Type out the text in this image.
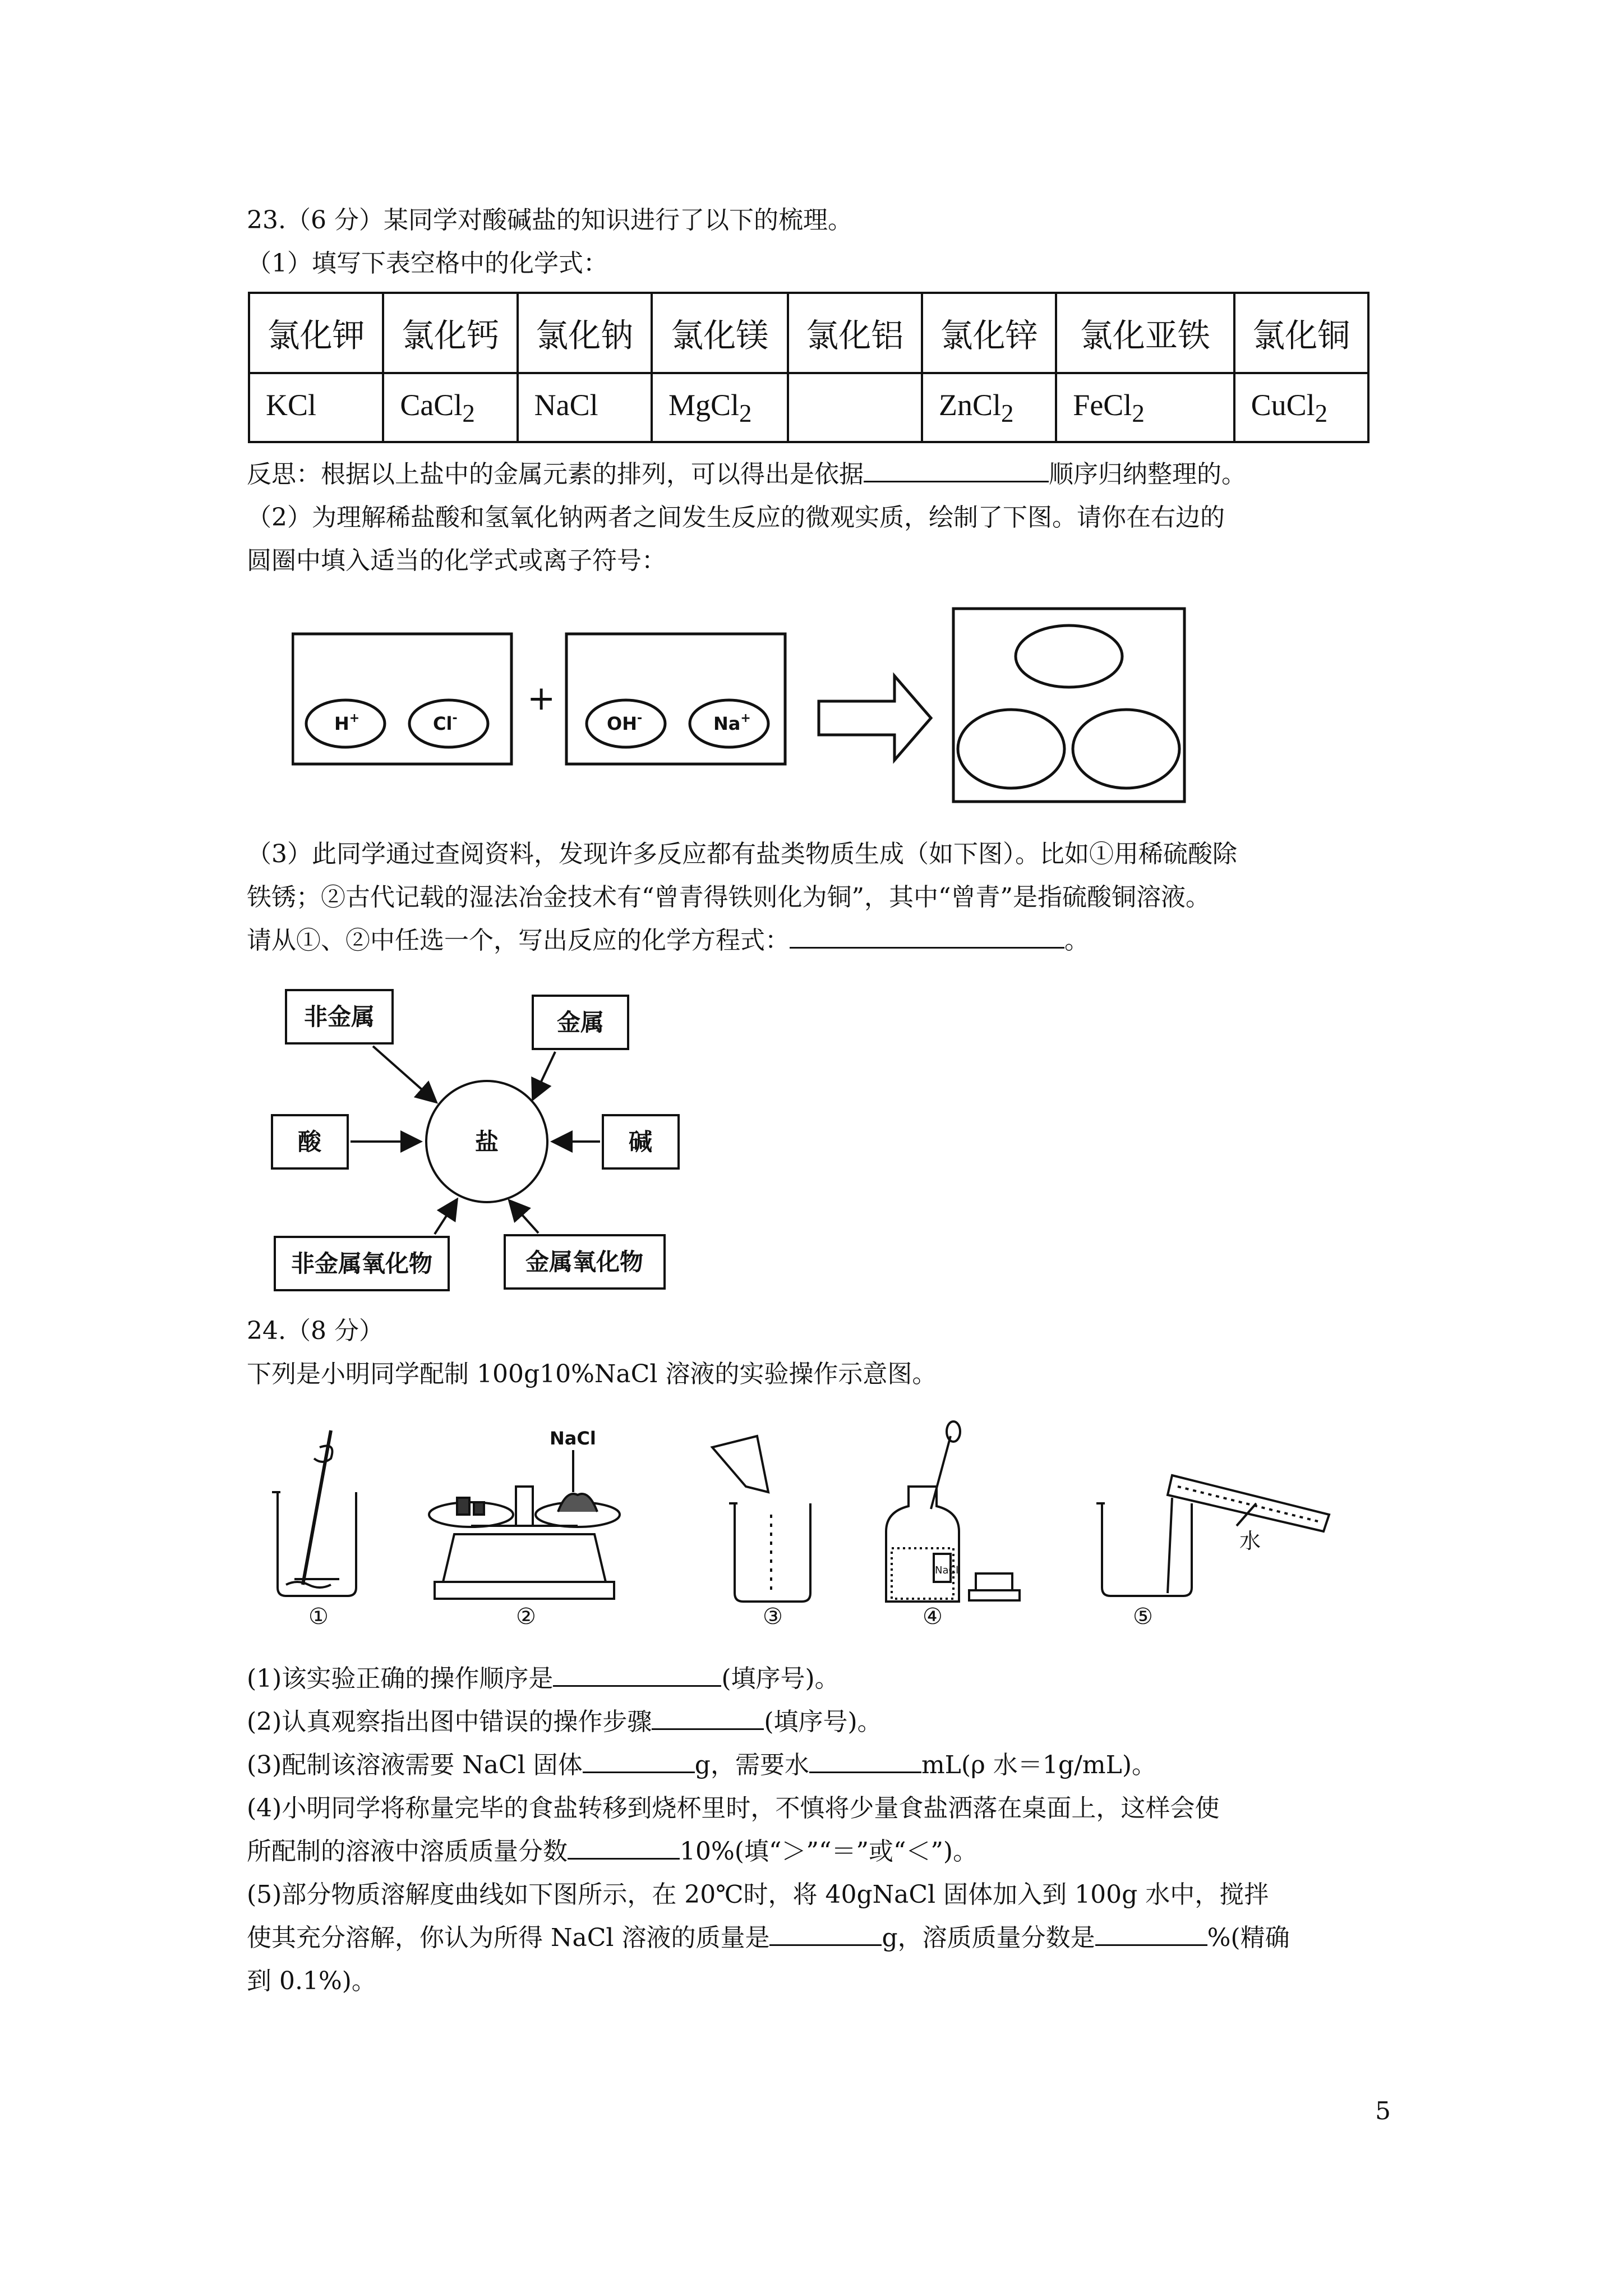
23.（6 分）某同学对酸碱盐的知识进行了以下的梳理。
（1）填写下表空格中的化学式：
氯化钾	氯化钙	氯化钠	氯化镁	氯化铝	氯化锌	氯化亚铁	氯化铜
KCl	CaCl$_2$	NaCl	MgCl$_2$		ZnCl$_2$	FeCl$_2$	CuCl$_2$
反思：根据以上盐中的金属元素的排列，可以得出是依据	顺序归纳整理的。
（2）为理解稀盐酸和氢氧化钠两者之间发生反应的微观实质，绘制了下图。请你在右边的
圆圈中填入适当的化学式或离子符号：
H+	Cl-	OH-	Na+
+
（3）此同学通过查阅资料，发现许多反应都有盐类物质生成（如下图）。比如①用稀硫酸除
铁锈；②古代记载的湿法冶金技术有“曾青得铁则化为铜”，其中“曾青”是指硫酸铜溶液。
请从①、②中任选一个，写出反应的化学方程式：	。
盐
非金属	金属
酸	碱
非金属氧化物	金属氧化物
24.（8 分）
下列是小明同学配制 100g10%NaCl 溶液的实验操作示意图。
①
NaCl
②	③
NaCl
④
水
⑤
(1)该实验正确的操作顺序是	(填序号)。
(2)认真观察指出图中错误的操作步骤	(填序号)。
(3)配制该溶液需要 NaCl 固体	g，需要水	mL(ρ 水＝1g/mL)。
(4)小明同学将称量完毕的食盐转移到烧杯里时，不慎将少量食盐洒落在桌面上，这样会使
所配制的溶液中溶质质量分数	10%(填“＞”“＝”或“＜”)。
(5)部分物质溶解度曲线如下图所示，在 20℃时，将 40gNaCl 固体加入到 100g 水中，搅拌
使其充分溶解，你认为所得 NaCl 溶液的质量是	g，溶质质量分数是	%(精确
到 0.1%)。
5
